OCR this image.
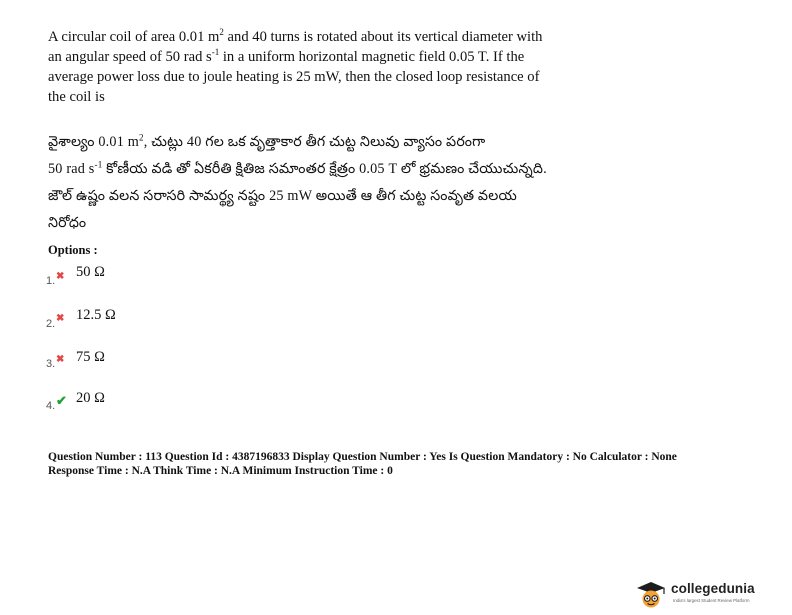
A circular coil of area 0.01 $m^2$ and 40 turns is rotated about its vertical diameter with
an angular speed of 50 rad $s^{-1}$ in a uniform horizontal magnetic field 0.05 T. If the
average power loss due to joule heating is 25 mW, then the closed loop resistance of
the coil is
వైశాల్యం 0.01 $m^2$, చుట్లు 40 గల ఒక వృత్తాకార తీగ చుట్ట నిలువు వ్యాసం పరంగా
50 rad $s^{-1}$ కోణీయ వడి తో ఏకరీతి క్షితిజ సమాంతర క్షేత్రం 0.05 T లో భ్రమణం చేయుచున్నది.
జౌల్ ఉష్ణం వలన సరాసరి సామర్థ్య నష్టం 25 mW అయితే ఆ తీగ చుట్ట సంవృత వలయ
నిరోధం
Options :
1. ✖ 50 Ω
2. ✖ 12.5 Ω
3. ✖ 75 Ω
4. ✔ 20 Ω
Question Number : 113 Question Id : 4387196833 Display Question Number : Yes Is Question Mandatory : No Calculator : None
Response Time : N.A Think Time : N.A Minimum Instruction Time : 0
collegedunia
India's largest Student Review Platform
